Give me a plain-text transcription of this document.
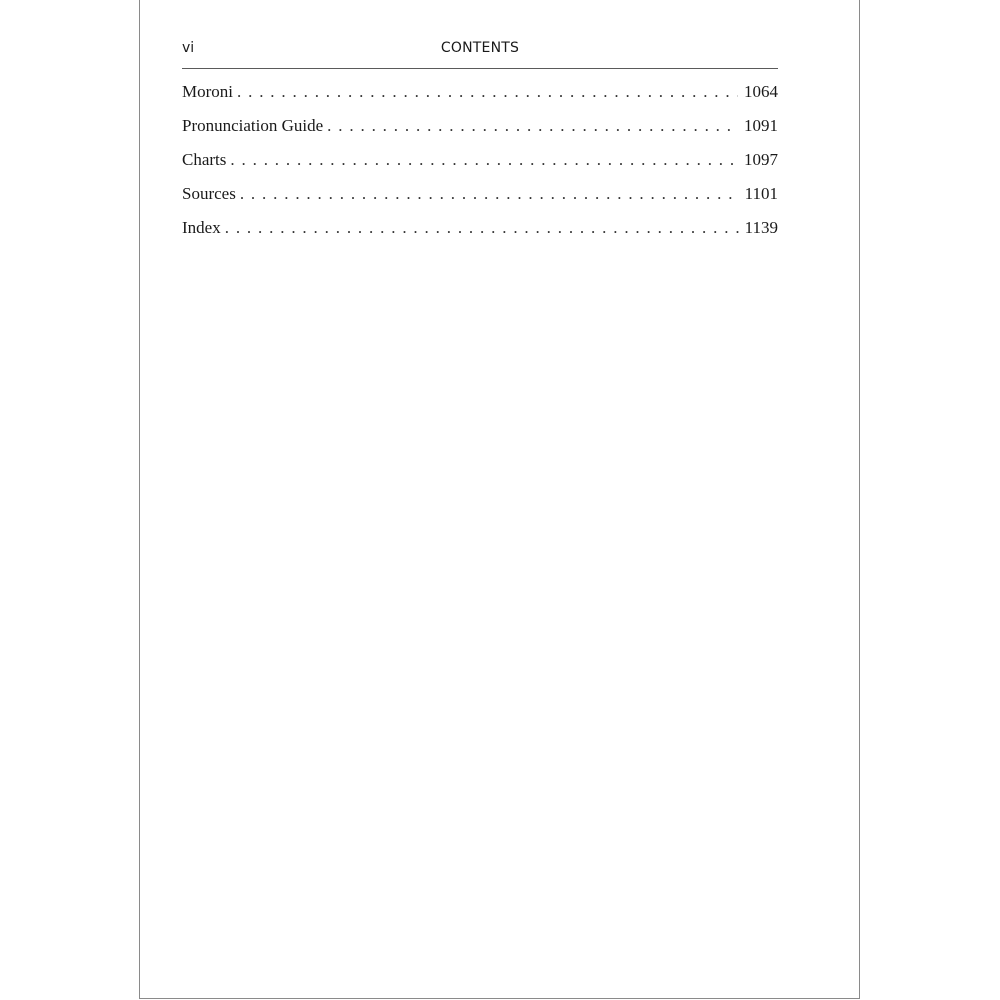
vi	CONTENTS
Moroni . . .	1064
Pronunciation Guide . . .	1091
Charts . . .	1097
Sources . . .	1101
Index . . .	1139
